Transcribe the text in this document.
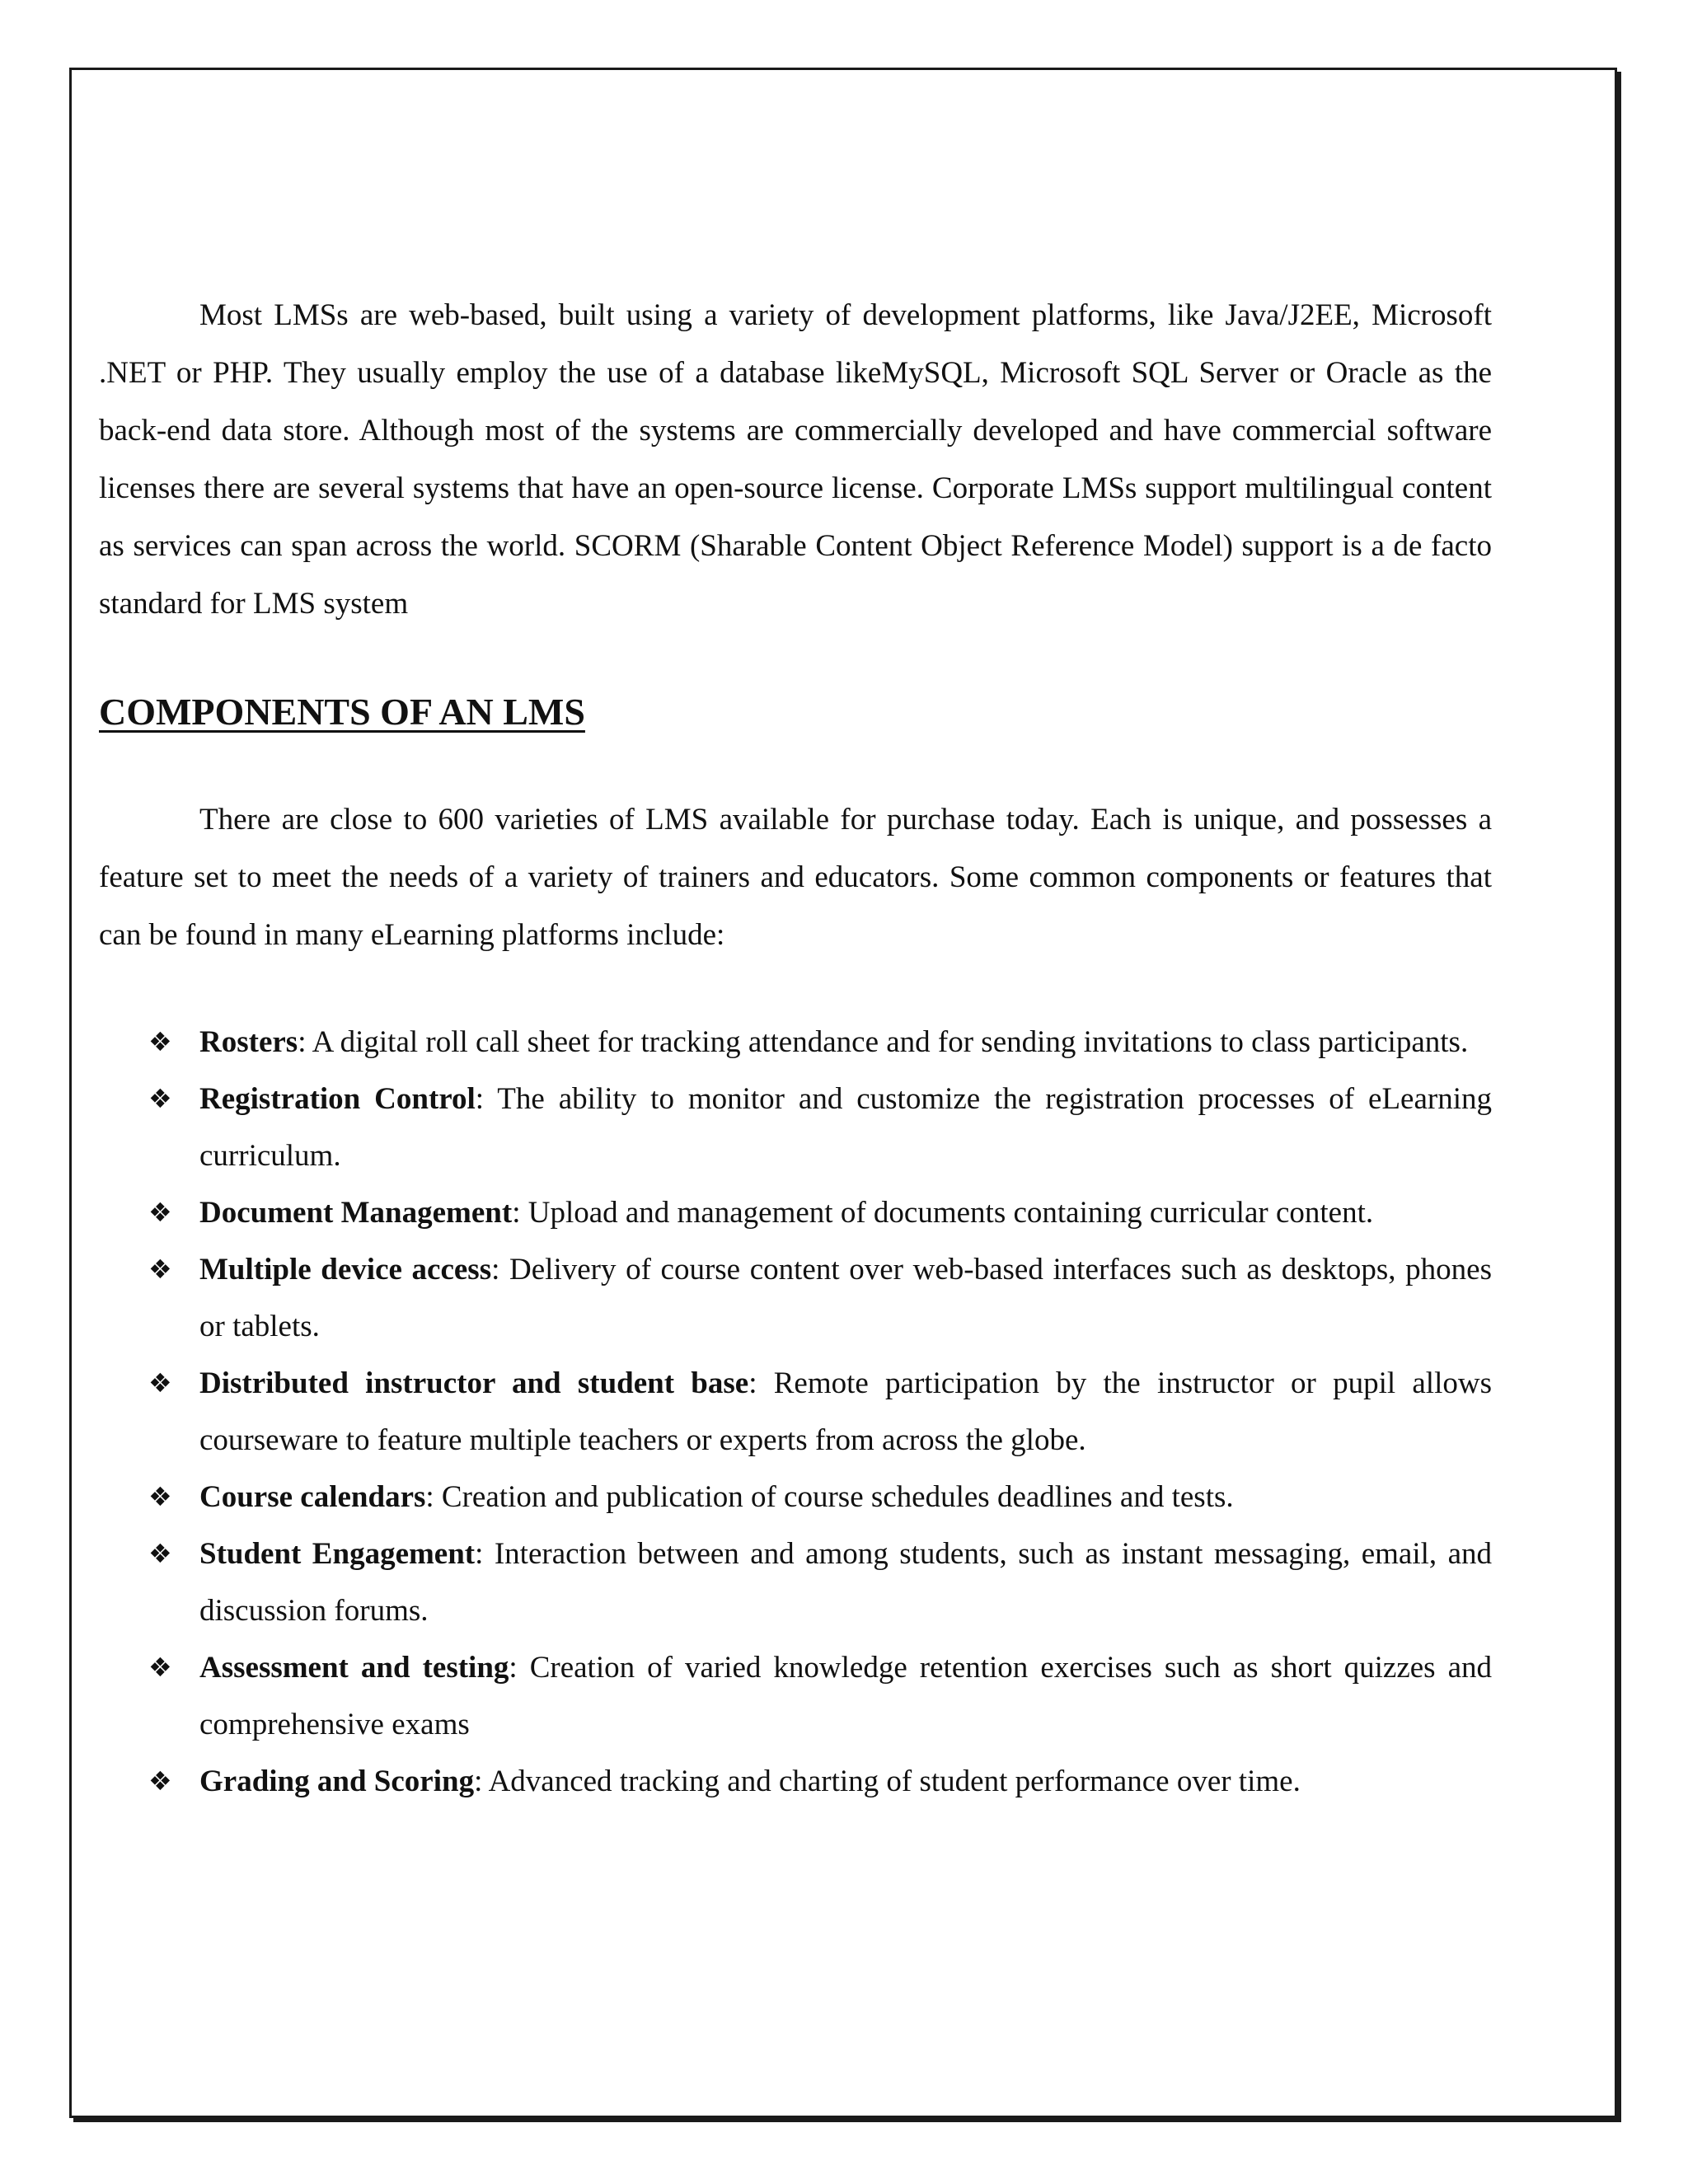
Most LMSs are web-based, built using a variety of development platforms, like Java/J2EE, Microsoft .NET or PHP. They usually employ the use of a database likeMySQL, Microsoft SQL Server or Oracle as the back-end data store. Although most of the systems are commercially developed and have commercial software licenses there are several systems that have an open-source license. Corporate LMSs support multilingual content as services can span across the world. SCORM (Sharable Content Object Reference Model) support is a de facto standard for LMS system

COMPONENTS OF AN LMS

There are close to 600 varieties of LMS available for purchase today. Each is unique, and possesses a feature set to meet the needs of a variety of trainers and educators. Some common components or features that can be found in many eLearning platforms include:

❖ Rosters: A digital roll call sheet for tracking attendance and for sending invitations to class participants.
❖ Registration Control: The ability to monitor and customize the registration processes of eLearning curriculum.
❖ Document Management: Upload and management of documents containing curricular content.
❖ Multiple device access: Delivery of course content over web-based interfaces such as desktops, phones or tablets.
❖ Distributed instructor and student base: Remote participation by the instructor or pupil allows courseware to feature multiple teachers or experts from across the globe.
❖ Course calendars: Creation and publication of course schedules deadlines and tests.
❖ Student Engagement: Interaction between and among students, such as instant messaging, email, and discussion forums.
❖ Assessment and testing: Creation of varied knowledge retention exercises such as short quizzes and comprehensive exams
❖ Grading and Scoring: Advanced tracking and charting of student performance over time.
